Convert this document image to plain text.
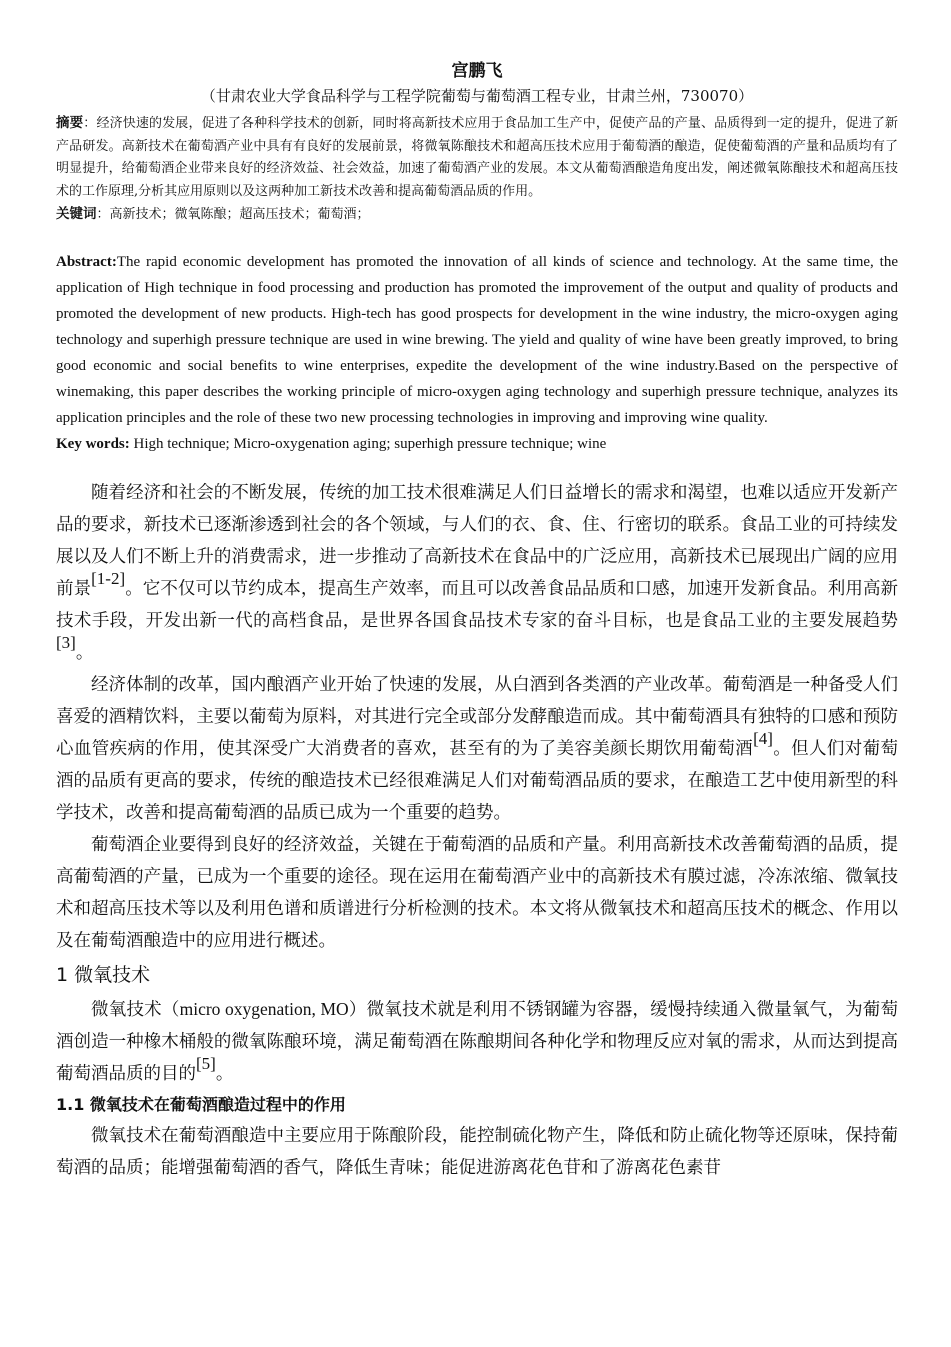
宫鹏飞

（甘肃农业大学食品科学与工程学院葡萄与葡萄酒工程专业，甘肃兰州，730070）

摘要：经济快速的发展，促进了各种科学技术的创新，同时将高新技术应用于食品加工生产中，促使产品的产量、品质得到一定的提升，促进了新产品研发。高新技术在葡萄酒产业中具有有良好的发展前景，将微氧陈酿技术和超高压技术应用于葡萄酒的酿造，促使葡萄酒的产量和品质均有了明显提升，给葡萄酒企业带来良好的经济效益、社会效益，加速了葡萄酒产业的发展。本文从葡萄酒酿造角度出发，阐述微氧陈酿技术和超高压技术的工作原理,分析其应用原则以及这两种加工新技术改善和提高葡萄酒品质的作用。

关键词：高新技术；微氧陈酿；超高压技术；葡萄酒；

Abstract:The rapid economic development has promoted the innovation of all kinds of science and technology. At the same time, the application of High technique in food processing and production has promoted the improvement of the output and quality of products and promoted the development of new products. High-tech has good prospects for development in the wine industry, the micro-oxygen aging technology and superhigh pressure technique are used in wine brewing. The yield and quality of wine have been greatly improved, to bring good economic and social benefits to wine enterprises, expedite the development of the wine industry.Based on the perspective of winemaking, this paper describes the working principle of micro-oxygen aging technology and superhigh pressure technique, analyzes its application principles and the role of these two new processing technologies in improving and improving wine quality.

Key words: High technique; Micro-oxygenation aging; superhigh pressure technique; wine

随着经济和社会的不断发展，传统的加工技术很难满足人们日益增长的需求和渴望，也难以适应开发新产品的要求，新技术已逐渐渗透到社会的各个领域，与人们的衣、食、住、行密切的联系。食品工业的可持续发展以及人们不断上升的消费需求，进一步推动了高新技术在食品中的广泛应用，高新技术已展现出广阔的应用前景[1-2]。它不仅可以节约成本，提高生产效率，而且可以改善食品品质和口感，加速开发新食品。利用高新技术手段，开发出新一代的高档食品，是世界各国食品技术专家的奋斗目标，也是食品工业的主要发展趋势[3]。

经济体制的改革，国内酿酒产业开始了快速的发展，从白酒到各类酒的产业改革。葡萄酒是一种备受人们喜爱的酒精饮料，主要以葡萄为原料，对其进行完全或部分发酵酿造而成。其中葡萄酒具有独特的口感和预防心血管疾病的作用，使其深受广大消费者的喜欢，甚至有的为了美容美颜长期饮用葡萄酒[4]。但人们对葡萄酒的品质有更高的要求，传统的酿造技术已经很难满足人们对葡萄酒品质的要求，在酿造工艺中使用新型的科学技术，改善和提高葡萄酒的品质已成为一个重要的趋势。

葡萄酒企业要得到良好的经济效益，关键在于葡萄酒的品质和产量。利用高新技术改善葡萄酒的品质，提高葡萄酒的产量，已成为一个重要的途径。现在运用在葡萄酒产业中的高新技术有膜过滤，冷冻浓缩、微氧技术和超高压技术等以及利用色谱和质谱进行分析检测的技术。本文将从微氧技术和超高压技术的概念、作用以及在葡萄酒酿造中的应用进行概述。

1 微氧技术

微氧技术（micro oxygenation, MO）微氧技术就是利用不锈钢罐为容器，缓慢持续通入微量氧气，为葡萄酒创造一种橡木桶般的微氧陈酿环境，满足葡萄酒在陈酿期间各种化学和物理反应对氧的需求，从而达到提高葡萄酒品质的目的[5]。

1.1 微氧技术在葡萄酒酿造过程中的作用

微氧技术在葡萄酒酿造中主要应用于陈酿阶段，能控制硫化物产生，降低和防止硫化物等还原味，保持葡萄酒的品质；能增强葡萄酒的香气，降低生青味；能促进游离花色苷和了游离花色素苷
